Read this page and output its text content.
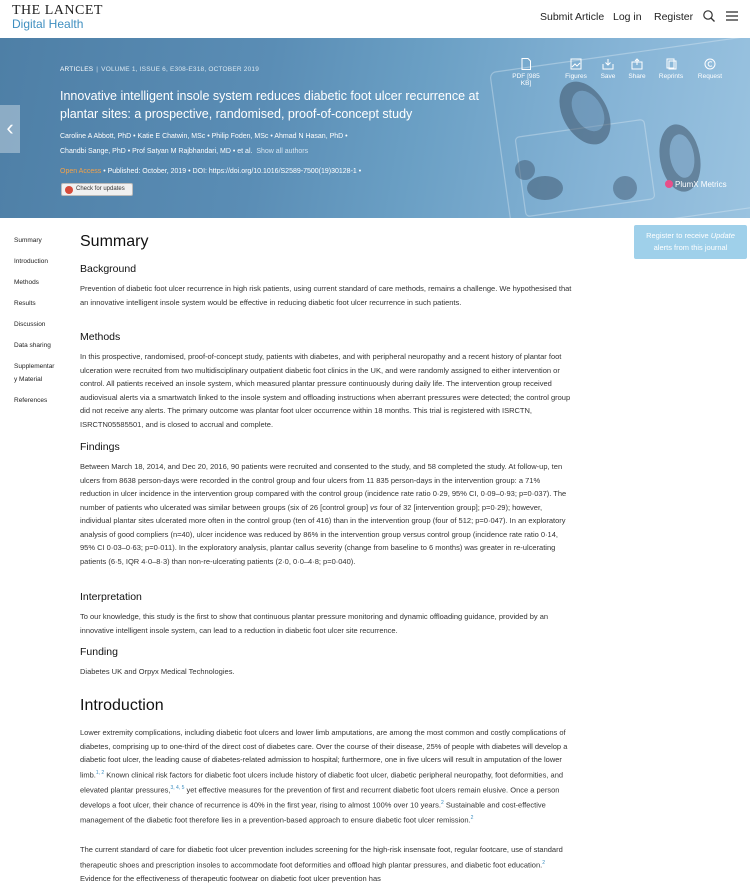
THE LANCET
Digital Health	Submit Article Log in Register
‹
ARTICLES | VOLUME 1, ISSUE 6, E308-E318, OCTOBER 2019
Innovative intelligent insole system reduces diabetic foot ulcer recurrence at plantar sites: a prospective, randomised, proof-of-concept study
Caroline A Abbott, PhD • Katie E Chatwin, MSc • Philip Foden, MSc • Ahmad N Hasan, PhD •
Chandbi Sange, PhD • Prof Satyan M Rajbhandari, MD • et al. Show all authors
Open Access • Published: October, 2019 • DOI: https://doi.org/10.1016/S2589-7500(19)30128-1 •
Check for updates
PDF [985 KB]
Figures	Save	Share	Reprints	Request
PlumX Metrics
Summary
Introduction
Methods
Results
Discussion
Data sharing
Supplementar
y Material
References
Register to receive Update
alerts from this journal
Summary
Background
Prevention of diabetic foot ulcer recurrence in high risk patients, using current standard of care methods, remains a challenge. We hypothesised that an innovative intelligent insole system would be effective in reducing diabetic foot ulcer recurrence in such patients.
Methods
In this prospective, randomised, proof-of-concept study, patients with diabetes, and with peripheral neuropathy and a recent history of plantar foot ulceration were recruited from two multidisciplinary outpatient diabetic foot clinics in the UK, and were randomly assigned to either intervention or control. All patients received an insole system, which measured plantar pressure continuously during daily life. The intervention group received audiovisual alerts via a smartwatch linked to the insole system and offloading instructions when aberrant pressures were detected; the control group did not receive any alerts. The primary outcome was plantar foot ulcer occurrence within 18 months. This trial is registered with ISRCTN, ISRCTN05585501, and is closed to accrual and complete.
Findings
Between March 18, 2014, and Dec 20, 2016, 90 patients were recruited and consented to the study, and 58 completed the study. At follow-up, ten ulcers from 8638 person-days were recorded in the control group and four ulcers from 11 835 person-days in the intervention group: a 71% reduction in ulcer incidence in the intervention group compared with the control group (incidence rate ratio 0·29, 95% CI, 0·09–0·93; p=0·037). The number of patients who ulcerated was similar between groups (six of 26 [control group] vs four of 32 [intervention group]; p=0·29); however, individual plantar sites ulcerated more often in the control group (ten of 416) than in the intervention group (four of 512; p=0·047). In an exploratory analysis of good compliers (n=40), ulcer incidence was reduced by 86% in the intervention group versus control group (incidence rate ratio 0·14, 95% CI 0·03–0·63; p=0·011). In the exploratory analysis, plantar callus severity (change from baseline to 6 months) was greater in re-ulcerating patients (6·5, IQR 4·0–8·3) than non-re-ulcerating patients (2·0, 0·0–4·8; p=0·040).
Interpretation
To our knowledge, this study is the first to show that continuous plantar pressure monitoring and dynamic offloading guidance, provided by an innovative intelligent insole system, can lead to a reduction in diabetic foot ulcer site recurrence.
Funding
Diabetes UK and Orpyx Medical Technologies.
Introduction
Lower extremity complications, including diabetic foot ulcers and lower limb amputations, are among the most common and costly complications of diabetes, comprising up to one-third of the direct cost of diabetes care. Over the course of their disease, 25% of people with diabetes will develop a diabetic foot ulcer, the leading cause of diabetes-related admission to hospital; furthermore, one in five ulcers will result in amputation of the lower limb.$^{1, 2}$ Known clinical risk factors for diabetic foot ulcers include history of diabetic foot ulcer, diabetic peripheral neuropathy, foot deformities, and elevated plantar pressures,$^{3, 4, 5}$ yet effective measures for the prevention of first and recurrent diabetic foot ulcers remain elusive. Once a person develops a foot ulcer, their chance of recurrence is 40% in the first year, rising to almost 100% over 10 years.$^2$ Sustainable and cost-effective management of the diabetic foot therefore lies in a prevention-based approach to ensure diabetic foot ulcer remission.$^2$
The current standard of care for diabetic foot ulcer prevention includes screening for the high-risk insensate foot, regular footcare, use of standard therapeutic shoes and prescription insoles to accommodate foot deformities and offload high plantar pressures, and diabetic foot education.$^2$ Evidence for the effectiveness of therapeutic footwear on diabetic foot ulcer prevention has
